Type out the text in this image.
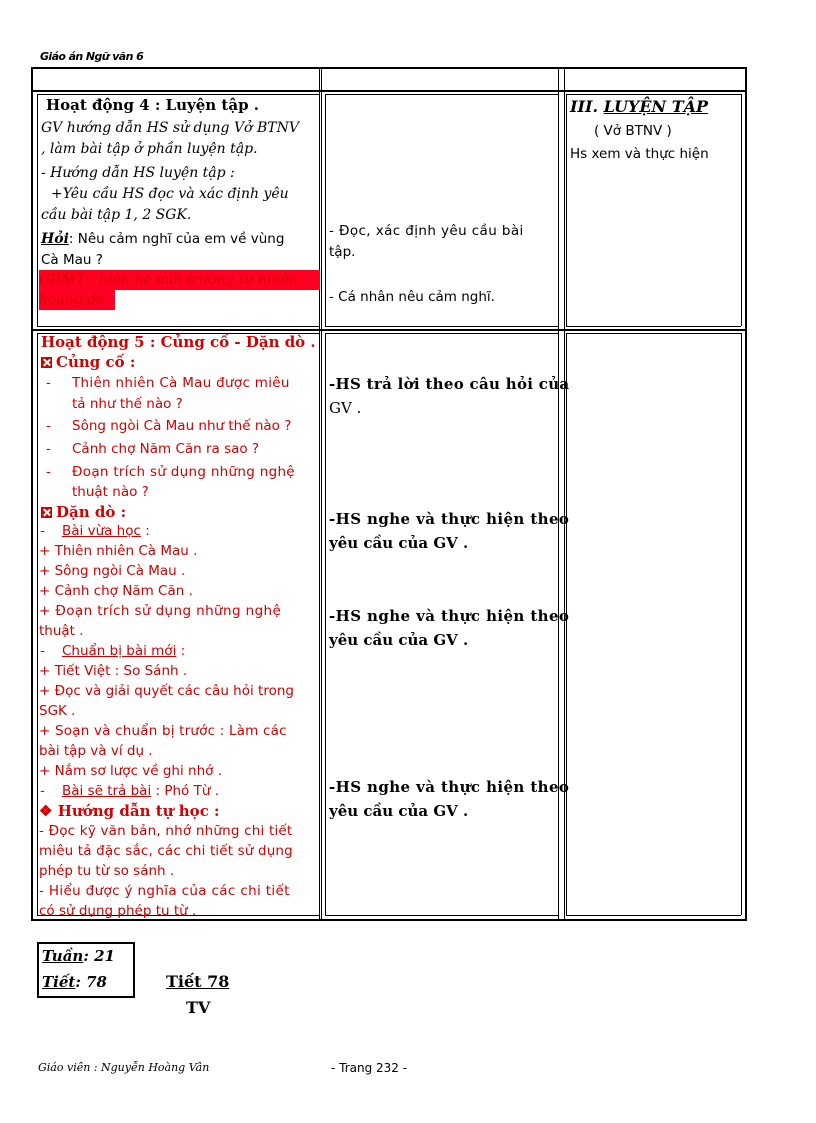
Giáo án Ngữ văn 6
Hoạt động 4 : Luyện tập .
GV hướng dẫn HS sử dụng Vở BTNV
, làm bài tập ở phần luyện tập.
- Hướng dẫn HS luyện tập :
+Yêu cầu HS đọc và xác định yêu
cầu bài tập 1, 2 SGK.
Hỏi: Nêu cảm nghĩ của em về vùng
Cà Mau ?
GDMT : Liên hệ môi trường tự nhiên,
hoang dã .
- Đọc, xác định yêu cầu bài
tập.
- Cá nhân nêu cảm nghĩ.
III. LUYỆN TẬP
( Vở BTNV )
Hs xem và thực hiện
Hoạt động 5 : Củng cố - Dặn dò .
Củng cố :
- Thiên nhiên Cà Mau được miêu
tả như thế nào ?
- Sông ngòi Cà Mau như thế nào ?
- Cảnh chợ Năm Căn ra sao ?
- Đoạn trích sử dụng những nghệ
thuật nào ?
Dặn dò :
- Bài vừa học :
+ Thiên nhiên Cà Mau .
+ Sông ngòi Cà Mau .
+ Cảnh chợ Năm Căn .
+ Đoạn trích sử dụng những nghệ
thuật .
- Chuẩn bị bài mới :
+ Tiết Việt : So Sánh .
+ Đọc và giải quyết các câu hỏi trong
SGK .
+ Soạn và chuẩn bị trước : Làm các
bài tập và ví dụ .
+ Nắm sơ lược về ghi nhớ .
- Bài sẽ trả bài : Phó Từ .
❖ Hướng dẫn tự học :
- Đọc kỹ văn bản, nhớ những chi tiết
miêu tả đặc sắc, các chi tiết sử dụng
phép tu từ so sánh .
- Hiểu được ý nghĩa của các chi tiết
có sử dụng phép tu từ .
-HS trả lời theo câu hỏi của
GV .
-HS nghe và thực hiện theo
yêu cầu của GV .
-HS nghe và thực hiện theo
yêu cầu của GV .
-HS nghe và thực hiện theo
yêu cầu của GV .
Tuần: 21
Tiết: 78	Tiết 78
TV
Giáo viên : Nguyễn Hoàng Vân	- Trang 232 -
